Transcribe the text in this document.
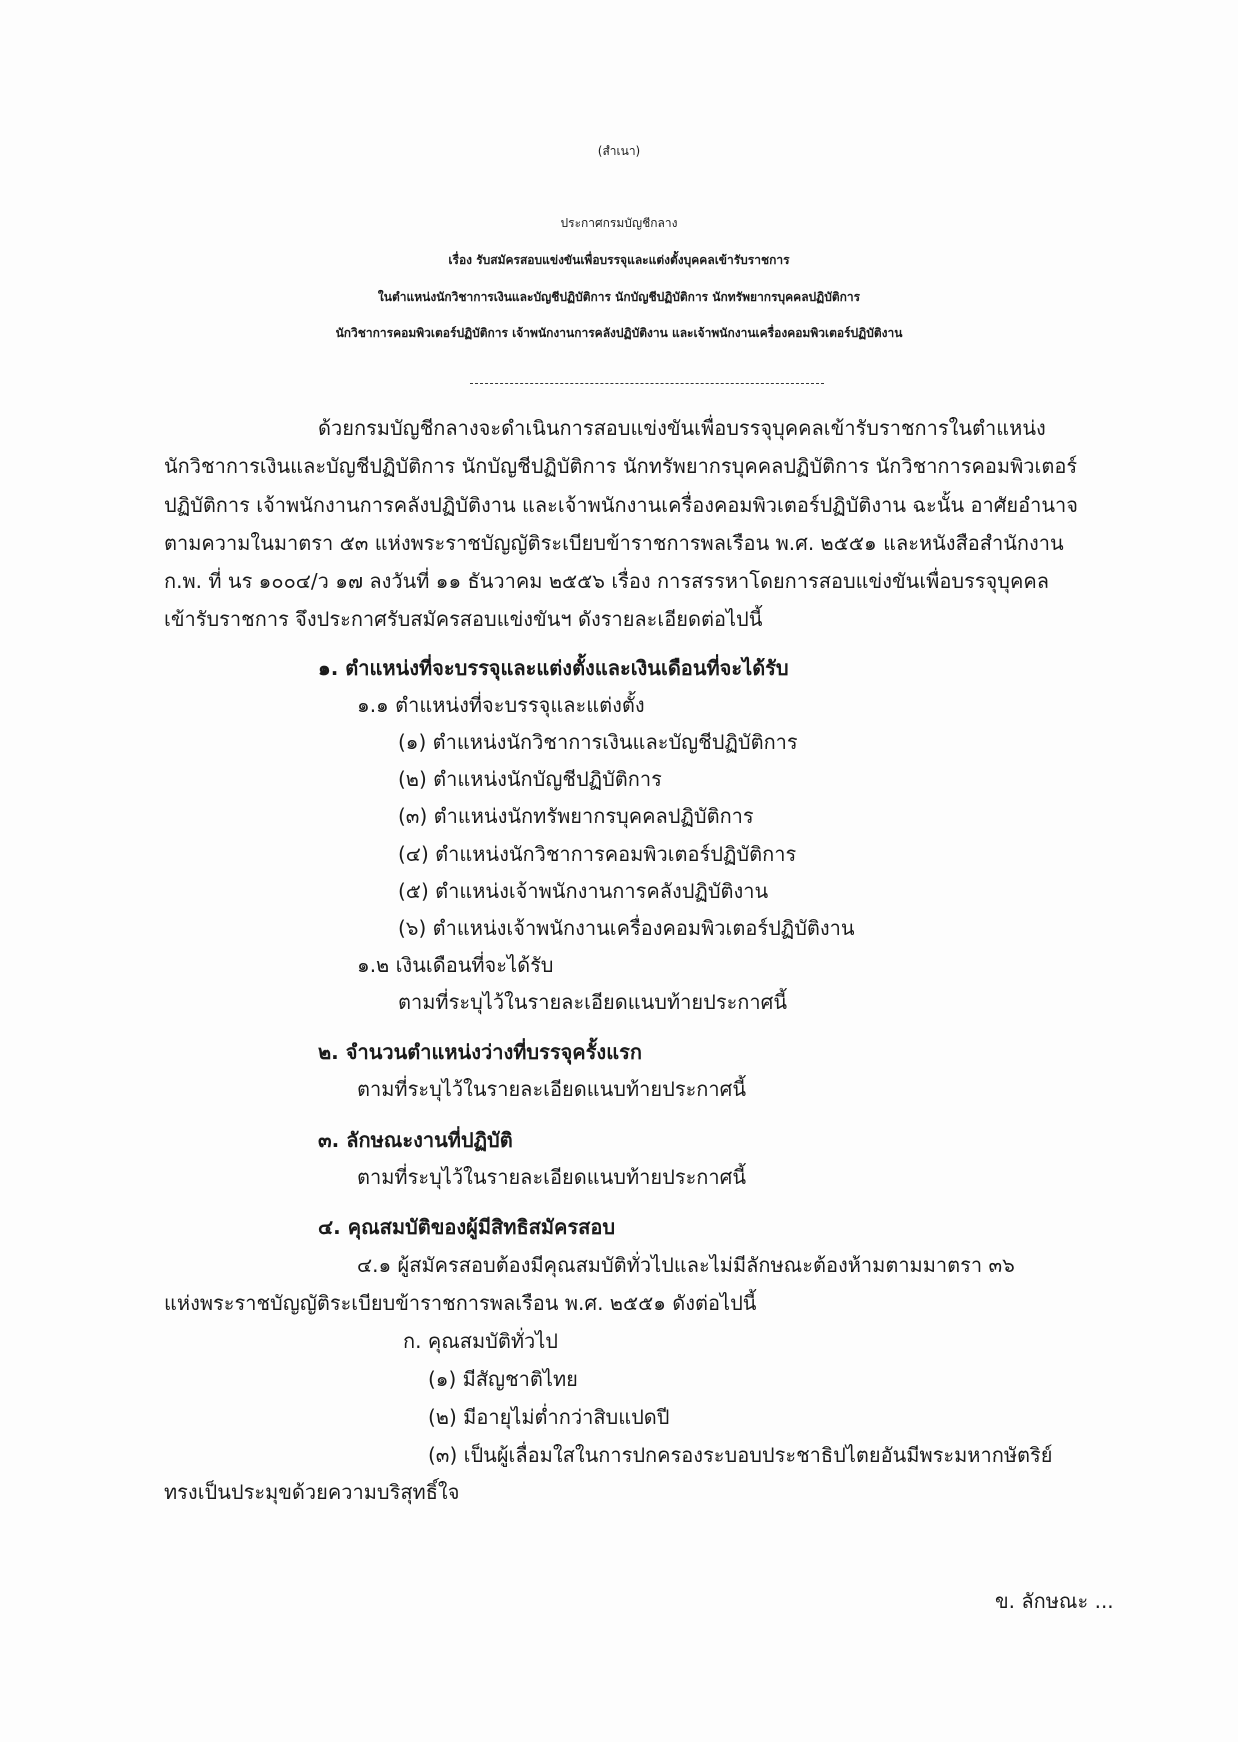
(สำเนา)
ประกาศกรมบัญชีกลาง
เรื่อง รับสมัครสอบแข่งขันเพื่อบรรจุและแต่งตั้งบุคคลเข้ารับราชการ
ในตำแหน่งนักวิชาการเงินและบัญชีปฏิบัติการ นักบัญชีปฏิบัติการ นักทรัพยากรบุคคลปฏิบัติการ
นักวิชาการคอมพิวเตอร์ปฏิบัติการ เจ้าพนักงานการคลังปฏิบัติงาน และเจ้าพนักงานเครื่องคอมพิวเตอร์ปฏิบัติงาน
ด้วยกรมบัญชีกลางจะดำเนินการสอบแข่งขันเพื่อบรรจุบุคคลเข้ารับราชการในตำแหน่ง
นักวิชาการเงินและบัญชีปฏิบัติการ นักบัญชีปฏิบัติการ นักทรัพยากรบุคคลปฏิบัติการ นักวิชาการคอมพิวเตอร์
ปฏิบัติการ เจ้าพนักงานการคลังปฏิบัติงาน และเจ้าพนักงานเครื่องคอมพิวเตอร์ปฏิบัติงาน ฉะนั้น อาศัยอำนาจ
ตามความในมาตรา ๕๓ แห่งพระราชบัญญัติระเบียบข้าราชการพลเรือน พ.ศ. ๒๕๕๑ และหนังสือสำนักงาน
ก.พ. ที่ นร ๑๐๐๔/ว ๑๗ ลงวันที่ ๑๑ ธันวาคม ๒๕๕๖ เรื่อง การสรรหาโดยการสอบแข่งขันเพื่อบรรจุบุคคล
เข้ารับราชการ จึงประกาศรับสมัครสอบแข่งขันฯ ดังรายละเอียดต่อไปนี้
๑. ตำแหน่งที่จะบรรจุและแต่งตั้งและเงินเดือนที่จะได้รับ
๑.๑ ตำแหน่งที่จะบรรจุและแต่งตั้ง
(๑) ตำแหน่งนักวิชาการเงินและบัญชีปฏิบัติการ
(๒) ตำแหน่งนักบัญชีปฏิบัติการ
(๓) ตำแหน่งนักทรัพยากรบุคคลปฏิบัติการ
(๔) ตำแหน่งนักวิชาการคอมพิวเตอร์ปฏิบัติการ
(๕) ตำแหน่งเจ้าพนักงานการคลังปฏิบัติงาน
(๖) ตำแหน่งเจ้าพนักงานเครื่องคอมพิวเตอร์ปฏิบัติงาน
๑.๒ เงินเดือนที่จะได้รับ
ตามที่ระบุไว้ในรายละเอียดแนบท้ายประกาศนี้
๒. จำนวนตำแหน่งว่างที่บรรจุครั้งแรก
ตามที่ระบุไว้ในรายละเอียดแนบท้ายประกาศนี้
๓. ลักษณะงานที่ปฏิบัติ
ตามที่ระบุไว้ในรายละเอียดแนบท้ายประกาศนี้
๔. คุณสมบัติของผู้มีสิทธิสมัครสอบ
๔.๑ ผู้สมัครสอบต้องมีคุณสมบัติทั่วไปและไม่มีลักษณะต้องห้ามตามมาตรา ๓๖
แห่งพระราชบัญญัติระเบียบข้าราชการพลเรือน พ.ศ. ๒๕๕๑ ดังต่อไปนี้
ก. คุณสมบัติทั่วไป
(๑) มีสัญชาติไทย
(๒) มีอายุไม่ต่ำกว่าสิบแปดปี
(๓) เป็นผู้เลื่อมใสในการปกครองระบอบประชาธิปไตยอันมีพระมหากษัตริย์
ทรงเป็นประมุขด้วยความบริสุทธิ์ใจ
ข. ลักษณะ ...
